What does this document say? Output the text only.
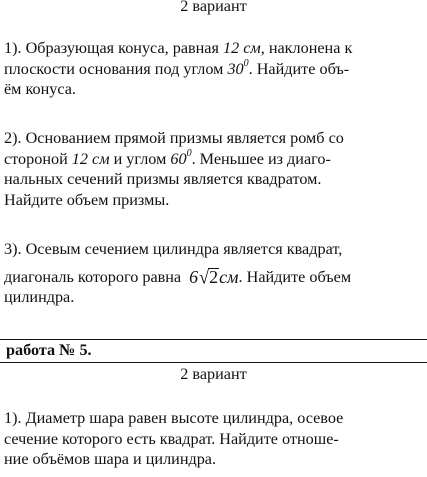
2 вариант
1). Образующая конуса, равная 12 см, наклонена к
плоскости основания под углом $30^0$. Найдите объ-
ём конуса.
2). Основанием прямой призмы является ромб со
стороной 12 см и углом $60^0$. Меньшее из диаго-
нальных сечений призмы является квадратом.
Найдите объем призмы.
3). Осевым сечением цилиндра является квадрат,
диагональ которого равна 6√2см. Найдите объем
цилиндра.
работа № 5.
2 вариант
1). Диаметр шара равен высоте цилиндра, осевое
сечение которого есть квадрат. Найдите отноше-
ние объёмов шара и цилиндра.
